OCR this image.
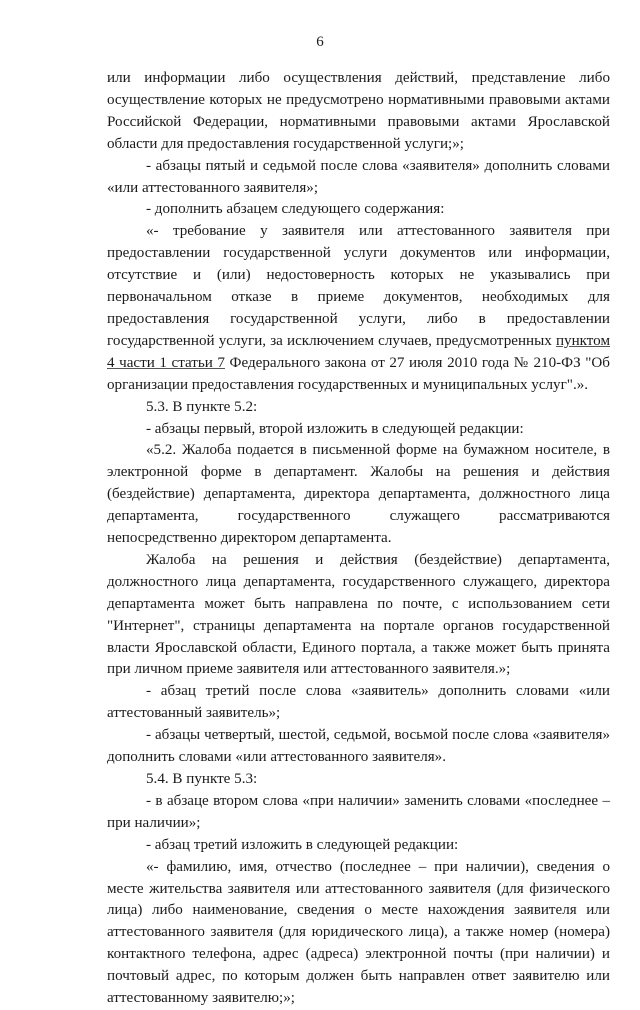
6

или информации либо осуществления действий, представление либо осуществление которых не предусмотрено нормативными правовыми актами Российской Федерации, нормативными правовыми актами Ярославской области для предоставления государственной услуги;»;

- абзацы пятый и седьмой после слова «заявителя» дополнить словами «или аттестованного заявителя»;

- дополнить абзацем следующего содержания:

«- требование у заявителя или аттестованного заявителя при предоставлении государственной услуги документов или информации, отсутствие и (или) недостоверность которых не указывались при первоначальном отказе в приеме документов, необходимых для предоставления государственной услуги, либо в предоставлении государственной услуги, за исключением случаев, предусмотренных пунктом 4 части 1 статьи 7 Федерального закона от 27 июля 2010 года № 210-ФЗ "Об организации предоставления государственных и муниципальных услуг".».

5.3. В пункте 5.2:

- абзацы первый, второй изложить в следующей редакции:

«5.2. Жалоба подается в письменной форме на бумажном носителе, в электронной форме в департамент. Жалобы на решения и действия (бездействие) департамента, директора департамента, должностного лица департамента, государственного служащего рассматриваются непосредственно директором департамента.

Жалоба на решения и действия (бездействие) департамента, должностного лица департамента, государственного служащего, директора департамента может быть направлена по почте, с использованием сети "Интернет", страницы департамента на портале органов государственной власти Ярославской области, Единого портала, а также может быть принята при личном приеме заявителя или аттестованного заявителя.»;

- абзац третий после слова «заявитель» дополнить словами «или аттестованный заявитель»;

- абзацы четвертый, шестой, седьмой, восьмой после слова «заявителя» дополнить словами «или аттестованного заявителя».

5.4. В пункте 5.3:

- в абзаце втором слова «при наличии» заменить словами «последнее – при наличии»;

- абзац третий изложить в следующей редакции:

«- фамилию, имя, отчество (последнее – при наличии), сведения о месте жительства заявителя или аттестованного заявителя (для физического лица) либо наименование, сведения о месте нахождения заявителя или аттестованного заявителя (для юридического лица), а также номер (номера) контактного телефона, адрес (адреса) электронной почты (при наличии) и почтовый адрес, по которым должен быть направлен ответ заявителю или аттестованному заявителю;»;
